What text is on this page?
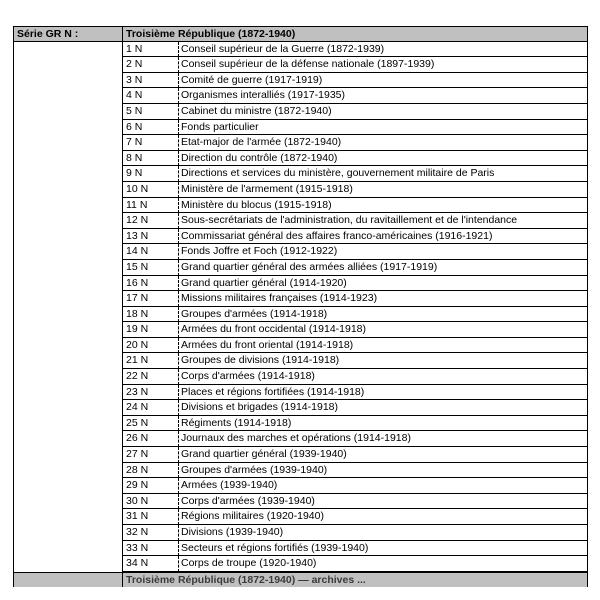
Série GR N :	Troisième République (1872-1940)
1 N	Conseil supérieur de la Guerre (1872-1939)
2 N	Conseil supérieur de la défense nationale (1897-1939)
3 N	Comité de guerre (1917-1919)
4 N	Organismes interalliés (1917-1935)
5 N	Cabinet du ministre (1872-1940)
6 N	Fonds particulier
7 N	Etat-major de l'armée (1872-1940)
8 N	Direction du contrôle (1872-1940)
9 N	Directions et services du ministère, gouvernement militaire de Paris
10 N	Ministère de l'armement (1915-1918)
11 N	Ministère du blocus (1915-1918)
12 N	Sous-secrétariats de l'administration, du ravitaillement et de l'intendance
13 N	Commissariat général des affaires franco-américaines (1916-1921)
14 N	Fonds Joffre et Foch (1912-1922)
15 N	Grand quartier général des armées alliées (1917-1919)
16 N	Grand quartier général (1914-1920)
17 N	Missions militaires françaises (1914-1923)
18 N	Groupes d'armées (1914-1918)
19 N	Armées du front occidental (1914-1918)
20 N	Armées du front oriental (1914-1918)
21 N	Groupes de divisions (1914-1918)
22 N	Corps d'armées (1914-1918)
23 N	Places et régions fortifiées (1914-1918)
24 N	Divisions et brigades (1914-1918)
25 N	Régiments (1914-1918)
26 N	Journaux des marches et opérations (1914-1918)
27 N	Grand quartier général (1939-1940)
28 N	Groupes d'armées (1939-1940)
29 N	Armées (1939-1940)
30 N	Corps d'armées (1939-1940)
31 N	Régions militaires (1920-1940)
32 N	Divisions (1939-1940)
33 N	Secteurs et régions fortifiés (1939-1940)
34 N	Corps de troupe (1920-1940)
Troisième République (1872-1940) — archives ...
